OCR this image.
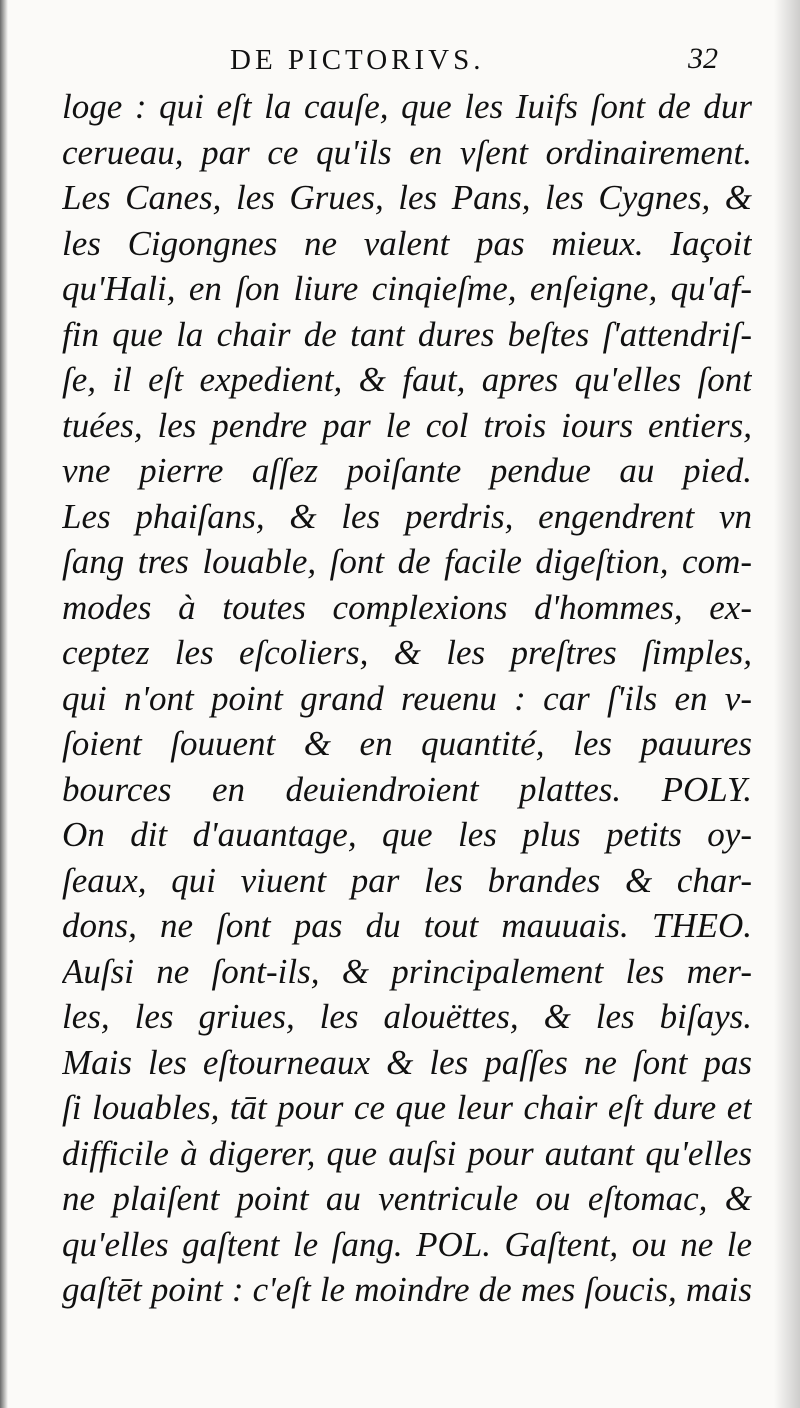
DE PICTORIVS.	32
loge : qui eſt la cauſe, que les Iuifs ſont de dur
cerueau, par ce qu'ils en vſent ordinairement.
Les Canes, les Grues, les Pans, les Cygnes, &
les Cigongnes ne valent pas mieux. Iaçoit
qu'Hali, en ſon liure cinqieſme, enſeigne, qu'af-
fin que la chair de tant dures beſtes ſ'attendriſ-
ſe, il eſt expedient, & faut, apres qu'elles ſont
tuées, les pendre par le col trois iours entiers,
vne pierre aſſez poiſante pendue au pied.
Les phaiſans, & les perdris, engendrent vn
ſang tres louable, ſont de facile digeſtion, com-
modes à toutes complexions d'hommes, ex-
ceptez les eſcoliers, & les preſtres ſimples,
qui n'ont point grand reuenu : car ſ'ils en v-
ſoient ſouuent & en quantité, les pauures
bources en deuiendroient plattes. POLY.
On dit d'auantage, que les plus petits oy-
ſeaux, qui viuent par les brandes & char-
dons, ne ſont pas du tout mauuais. THEO.
Auſsi ne ſont-ils, & principalement les mer-
les, les griues, les alouëttes, & les biſays.
Mais les eſtourneaux & les paſſes ne ſont pas
ſi louables, tāt pour ce que leur chair eſt dure et
difficile à digerer, que auſsi pour autant qu'elles
ne plaiſent point au ventricule ou eſtomac, &
qu'elles gaſtent le ſang. POL. Gaſtent, ou ne le
gaſtēt point : c'eſt le moindre de mes ſoucis, mais
